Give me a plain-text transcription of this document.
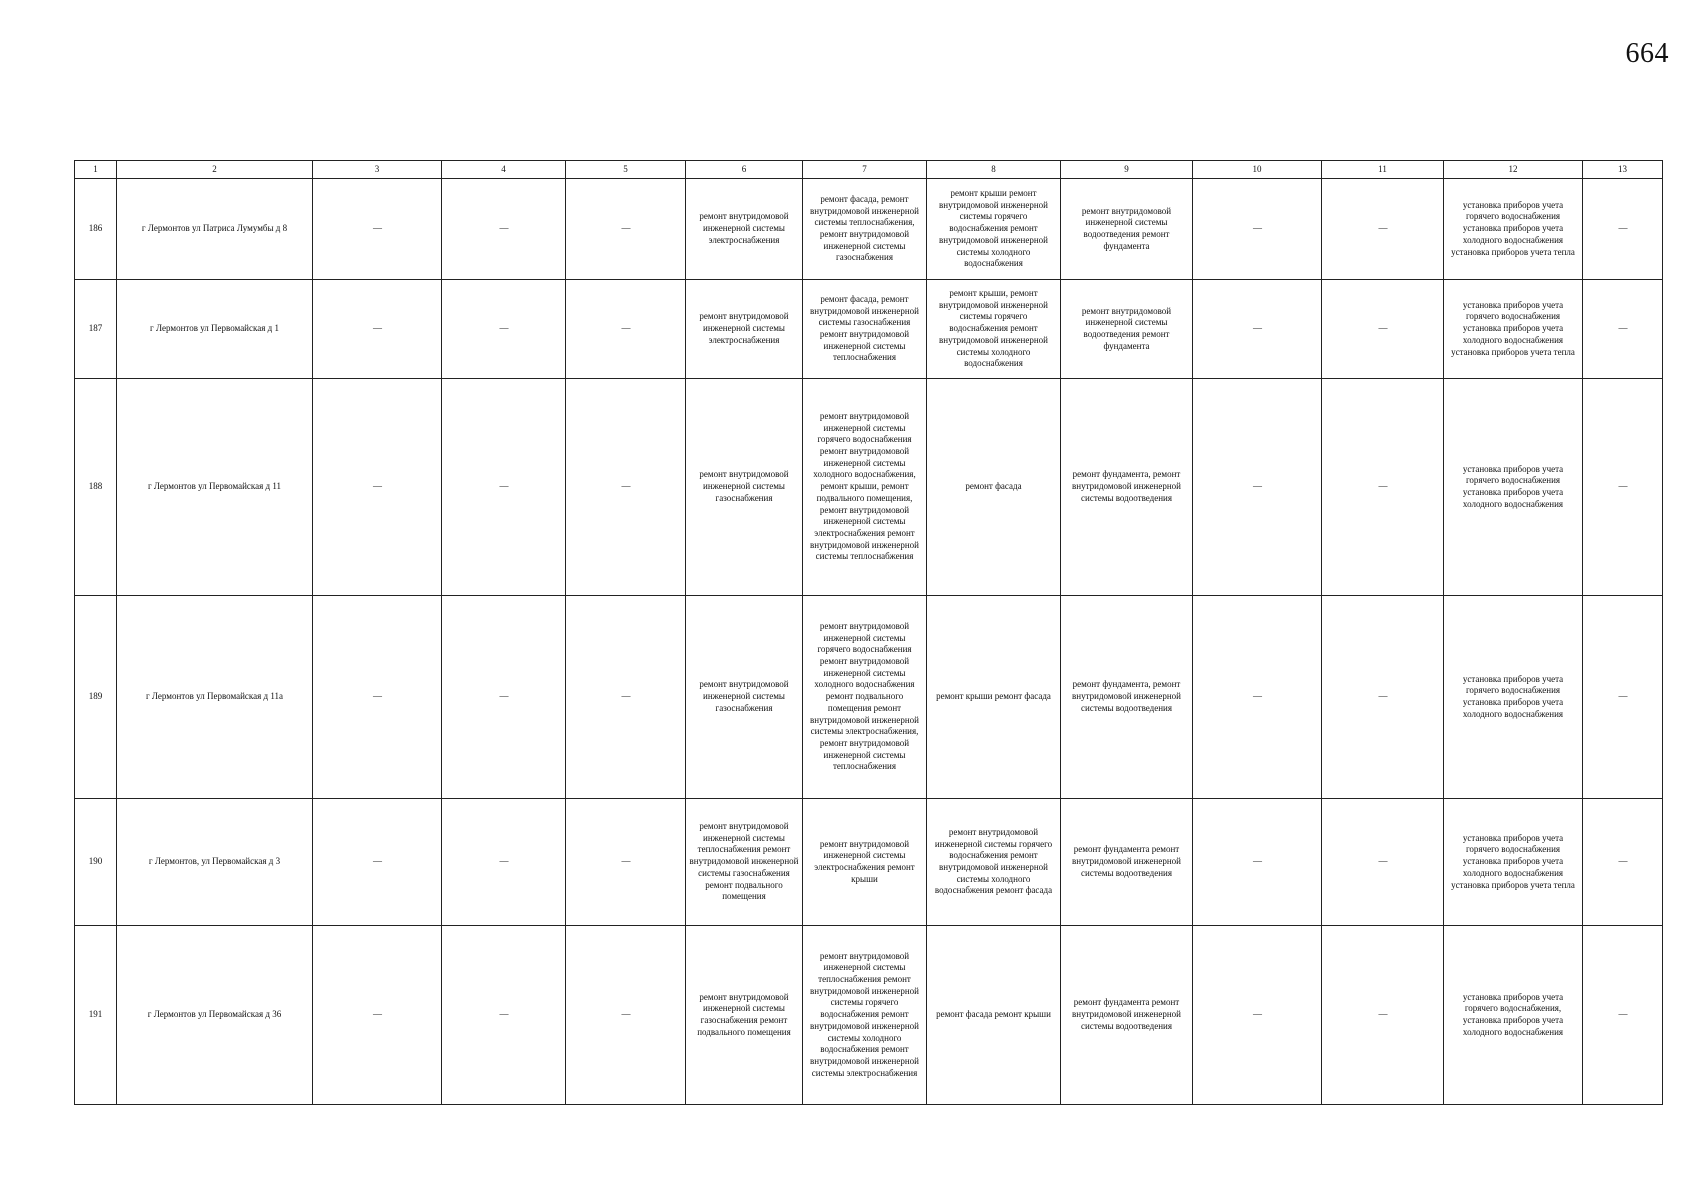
664
1	2	3	4	5	6	7	8	9	10	11	12	13
186	г Лермонтов ул Патриса Лумумбы д 8	—	—	—	ремонт внутридомовой инженерной системы электроснабжения	ремонт фасада, ремонт внутридомовой инженерной системы теплоснабжения, ремонт внутридомовой инженерной системы газоснабжения	ремонт крыши ремонт внутридомовой инженерной системы горячего водоснабжения ремонт внутридомовой инженерной системы холодного водоснабжения	ремонт внутридомовой инженерной системы водоотведения ремонт фундамента	—	—	установка приборов учета горячего водоснабжения установка приборов учета холодного водоснабжения установка приборов учета тепла	—
187	г Лермонтов ул Первомайская д 1	—	—	—	ремонт внутридомовой инженерной системы электроснабжения	ремонт фасада, ремонт внутридомовой инженерной системы газоснабжения ремонт внутридомовой инженерной системы теплоснабжения	ремонт крыши, ремонт внутридомовой инженерной системы горячего водоснабжения ремонт внутридомовой инженерной системы холодного водоснабжения	ремонт внутридомовой инженерной системы водоотведения ремонт фундамента	—	—	установка приборов учета горячего водоснабжения установка приборов учета холодного водоснабжения установка приборов учета тепла	—
188	г Лермонтов ул Первомайская д 11	—	—	—	ремонт внутридомовой инженерной системы газоснабжения	ремонт внутридомовой инженерной системы горячего водоснабжения ремонт внутридомовой инженерной системы холодного водоснабжения, ремонт крыши, ремонт подвального помещения, ремонт внутридомовой инженерной системы электроснабжения ремонт внутридомовой инженерной системы теплоснабжения	ремонт фасада	ремонт фундамента, ремонт внутридомовой инженерной системы водоотведения	—	—	установка приборов учета горячего водоснабжения установка приборов учета холодного водоснабжения	—
189	г Лермонтов ул Первомайская д 11а	—	—	—	ремонт внутридомовой инженерной системы газоснабжения	ремонт внутридомовой инженерной системы горячего водоснабжения ремонт внутридомовой инженерной системы холодного водоснабжения ремонт подвального помещения ремонт внутридомовой инженерной системы электроснабжения, ремонт внутридомовой инженерной системы теплоснабжения	ремонт крыши ремонт фасада	ремонт фундамента, ремонт внутридомовой инженерной системы водоотведения	—	—	установка приборов учета горячего водоснабжения установка приборов учета холодного водоснабжения	—
190	г Лермонтов, ул Первомайская д 3	—	—	—	ремонт внутридомовой инженерной системы теплоснабжения ремонт внутридомовой инженерной системы газоснабжения ремонт подвального помещения	ремонт внутридомовой инженерной системы электроснабжения ремонт крыши	ремонт внутридомовой инженерной системы горячего водоснабжения ремонт внутридомовой инженерной системы холодного водоснабжения ремонт фасада	ремонт фундамента ремонт внутридомовой инженерной системы водоотведения	—	—	установка приборов учета горячего водоснабжения установка приборов учета холодного водоснабжения установка приборов учета тепла	—
191	г Лермонтов ул Первомайская д 36	—	—	—	ремонт внутридомовой инженерной системы газоснабжения ремонт подвального помещения	ремонт внутридомовой инженерной системы теплоснабжения ремонт внутридомовой инженерной системы горячего водоснабжения ремонт внутридомовой инженерной системы холодного водоснабжения ремонт внутридомовой инженерной системы электроснабжения	ремонт фасада ремонт крыши	ремонт фундамента ремонт внутридомовой инженерной системы водоотведения	—	—	установка приборов учета горячего водоснабжения, установка приборов учета холодного водоснабжения	—
